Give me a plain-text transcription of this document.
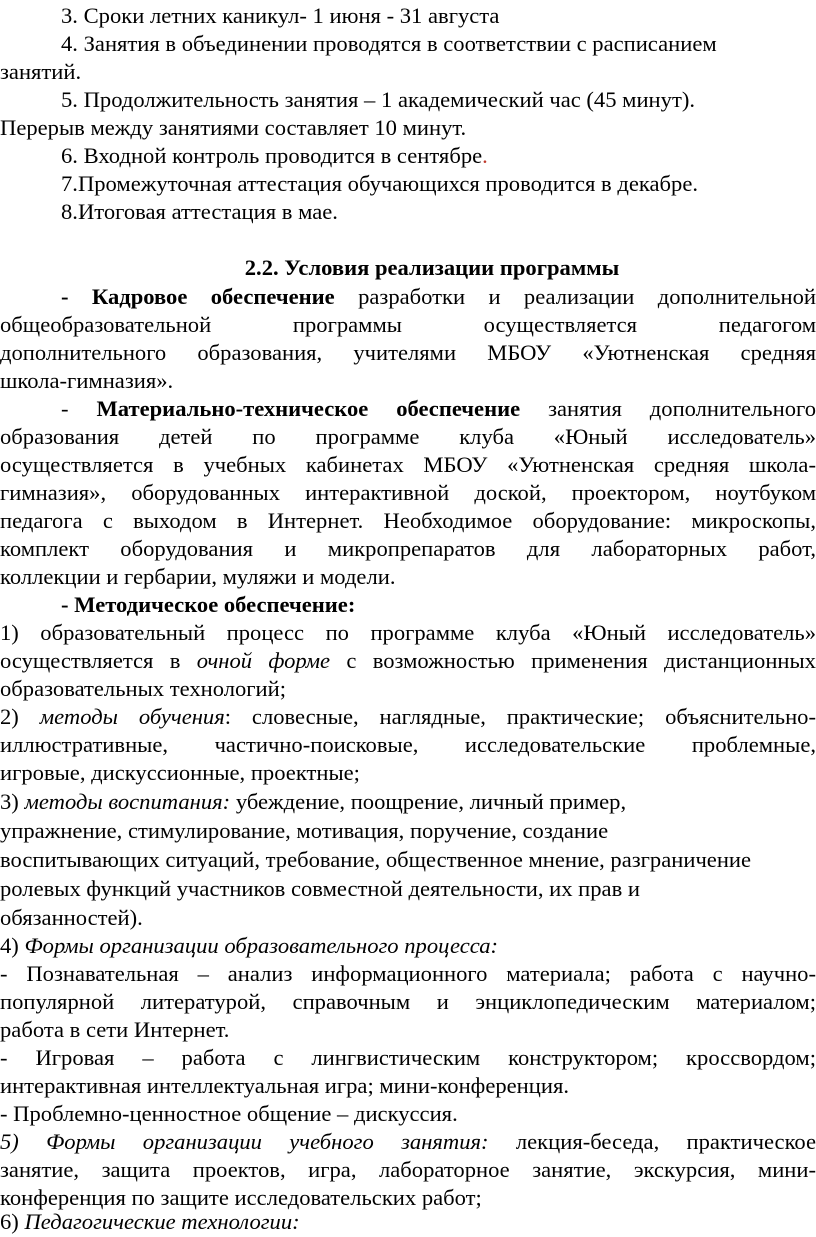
3. Сроки летних каникул- 1 июня - 31 августа
4. Занятия в объединении проводятся в соответствии с расписанием
занятий.
5. Продолжительность занятия – 1 академический час (45 минут).
Перерыв между занятиями составляет 10 минут.
6. Входной контроль проводится в сентябре.
7.Промежуточная аттестация обучающихся проводится в декабре.
8.Итоговая аттестация в мае.
2.2. Условия реализации программы
- Кадровое обеспечение разработки и реализации дополнительной
общеобразовательной программы осуществляется педагогом
дополнительного образования, учителями МБОУ «Уютненская средняя
школа-гимназия».
- Материально-техническое обеспечение занятия дополнительного
образования детей по программе клуба «Юный исследователь»
осуществляется в учебных кабинетах МБОУ «Уютненская средняя школа-
гимназия», оборудованных интерактивной доской, проектором, ноутбуком
педагога с выходом в Интернет. Необходимое оборудование: микроскопы,
комплект оборудования и микропрепаратов для лабораторных работ,
коллекции и гербарии, муляжи и модели.
- Методическое обеспечение:
1) образовательный процесс по программе клуба «Юный исследователь»
осуществляется в очной форме с возможностью применения дистанционных
образовательных технологий;
2) методы обучения: словесные, наглядные, практические; объяснительно-
иллюстративные, частично-поисковые, исследовательские проблемные,
игровые, дискуссионные, проектные;
3) методы воспитания: убеждение, поощрение, личный пример,
упражнение, стимулирование, мотивация, поручение, создание
воспитывающих ситуаций, требование, общественное мнение, разграничение
ролевых функций участников совместной деятельности, их прав и
обязанностей).
4) Формы организации образовательного процесса:
- Познавательная – анализ информационного материала; работа с научно-
популярной литературой, справочным и энциклопедическим материалом;
работа в сети Интернет.
- Игровая – работа с лингвистическим конструктором; кроссвордом;
интерактивная интеллектуальная игра; мини-конференция.
- Проблемно-ценностное общение – дискуссия.
5) Формы организации учебного занятия: лекция-беседа, практическое
занятие, защита проектов, игра, лабораторное занятие, экскурсия, мини-
конференция по защите исследовательских работ;
6) Педагогические технологии:
